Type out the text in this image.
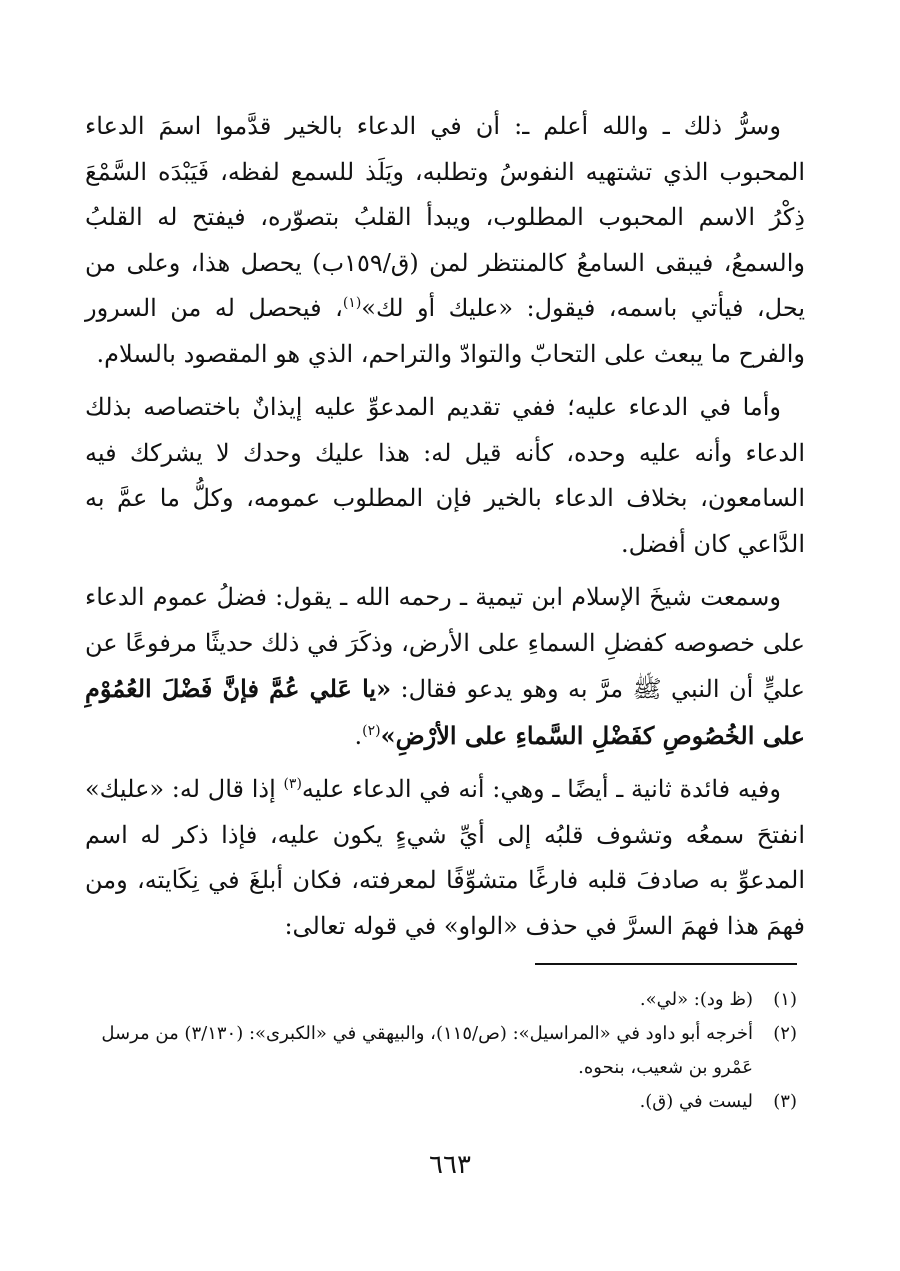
وسرُّ ذلك ـ والله أعلم ـ: أن في الدعاء بالخير قدَّموا اسمَ الدعاء المحبوب الذي تشتهيه النفوسُ وتطلبه، ويَلَذ للسمع لفظه، فَيَبْدَه السَّمْعَ ذِكْرُ الاسم المحبوب المطلوب، ويبدأ القلبُ بتصوّره، فيفتح له القلبُ والسمعُ، فيبقى السامعُ كالمنتظر لمن (ق/١٥٩ب) يحصل هذا، وعلى من يحل، فيأتي باسمه، فيقول: «عليك أو لك»$^{(١)}$، فيحصل له من السرور والفرح ما يبعث على التحابّ والتوادّ والتراحم، الذي هو المقصود بالسلام.

وأما في الدعاء عليه؛ ففي تقديم المدعوِّ عليه إيذانٌ باختصاصه بذلك الدعاء وأنه عليه وحده، كأنه قيل له: هذا عليك وحدك لا يشركك فيه السامعون، بخلاف الدعاء بالخير فإن المطلوب عمومه، وكلُّ ما عمَّ به الدَّاعي كان أفضل.

وسمعت شيخَ الإسلام ابن تيمية ـ رحمه الله ـ يقول: فضلُ عموم الدعاء على خصوصه كفضلِ السماءِ على الأرض، وذكَرَ في ذلك حديثًا مرفوعًا عن عليٍّ أن النبي ﷺ مرَّ به وهو يدعو فقال: «يا عَلي عُمَّ فإنَّ فَضْلَ العُمُوْمِ على الخُصُوصِ كفَضْلِ السَّماءِ على الأرْضِ»$^{(٢)}$.

وفيه فائدة ثانية ـ أيضًا ـ وهي: أنه في الدعاء عليه$^{(٣)}$ إذا قال له: «عليك» انفتحَ سمعُه وتشوف قلبُه إلى أيِّ شيءٍ يكون عليه، فإذا ذكر له اسم المدعوِّ به صادفَ قلبه فارغًا متشوِّفًا لمعرفته، فكان أبلغَ في نِكَايته، ومن فهمَ هذا فهمَ السرَّ في حذف «الواو» في قوله تعالى:

(١)
(ظ ود): «لي».
(٢)
أخرجه أبو داود في «المراسيل»: (ص/١١٥)، والبيهقي في «الكبرى»: (٣/١٣٠) من مرسل عَمْرو بن شعيب، بنحوه.
(٣)
ليست في (ق).
٦٦٣
